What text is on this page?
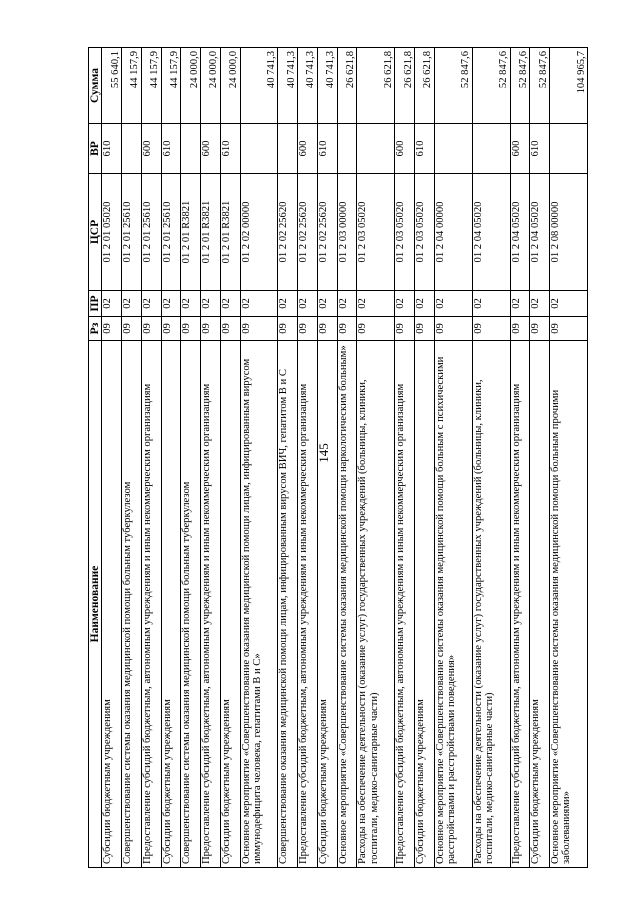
145
Наименование	Рз	ПР	ЦСР	ВР	Сумма
Субсидии бюджетным учреждениям	09	02	01 2 01 05020	610	55 640,1
Совершенствование системы оказания медицинской помощи больным туберкулезом	09	02	01 2 01 25610		44 157,9
Предоставление субсидий бюджетным, автономным учреждениям и иным некоммерческим организациям	09	02	01 2 01 25610	600	44 157,9
Субсидии бюджетным учреждениям	09	02	01 2 01 25610	610	44 157,9
Совершенствование системы оказания медицинской помощи больным туберкулезом	09	02	01 2 01 R3821		24 000,0
Предоставление субсидий бюджетным, автономным учреждениям и иным некоммерческим организациям	09	02	01 2 01 R3821	600	24 000,0
Субсидии бюджетным учреждениям	09	02	01 2 01 R3821	610	24 000,0
Основное мероприятие «Совершенствование оказания медицинской помощи лицам, инфицированным вирусом иммунодефицита человека, гепатитами В и С»	09	02	01 2 02 00000		40 741,3
Совершенствование оказания медицинской помощи лицам, инфицированным вирусом ВИЧ, гепатитом В и С	09	02	01 2 02 25620		40 741,3
Предоставление субсидий бюджетным, автономным учреждениям и иным некоммерческим организациям	09	02	01 2 02 25620	600	40 741,3
Субсидии бюджетным учреждениям	09	02	01 2 02 25620	610	40 741,3
Основное мероприятие «Совершенствование системы оказания медицинской помощи наркологическим больным»	09	02	01 2 03 00000		26 621,8
Расходы на обеспечение деятельности (оказание услуг) государственных учреждений (больницы, клиники, госпитали, медико-санитарные части)	09	02	01 2 03 05020		26 621,8
Предоставление субсидий бюджетным, автономным учреждениям и иным некоммерческим организациям	09	02	01 2 03 05020	600	26 621,8
Субсидии бюджетным учреждениям	09	02	01 2 03 05020	610	26 621,8
Основное мероприятие «Совершенствование системы оказания медицинской помощи больным с психическими расстройствами и расстройствами поведения»	09	02	01 2 04 00000		52 847,6
Расходы на обеспечение деятельности (оказание услуг) государственных учреждений (больницы, клиники, госпитали, медико-санитарные части)	09	02	01 2 04 05020		52 847,6
Предоставление субсидий бюджетным, автономным учреждениям и иным некоммерческим организациям	09	02	01 2 04 05020	600	52 847,6
Субсидии бюджетным учреждениям	09	02	01 2 04 05020	610	52 847,6
Основное мероприятие «Совершенствование системы оказания медицинской помощи больным прочими заболеваниями»	09	02	01 2 08 00000		104 965,7
